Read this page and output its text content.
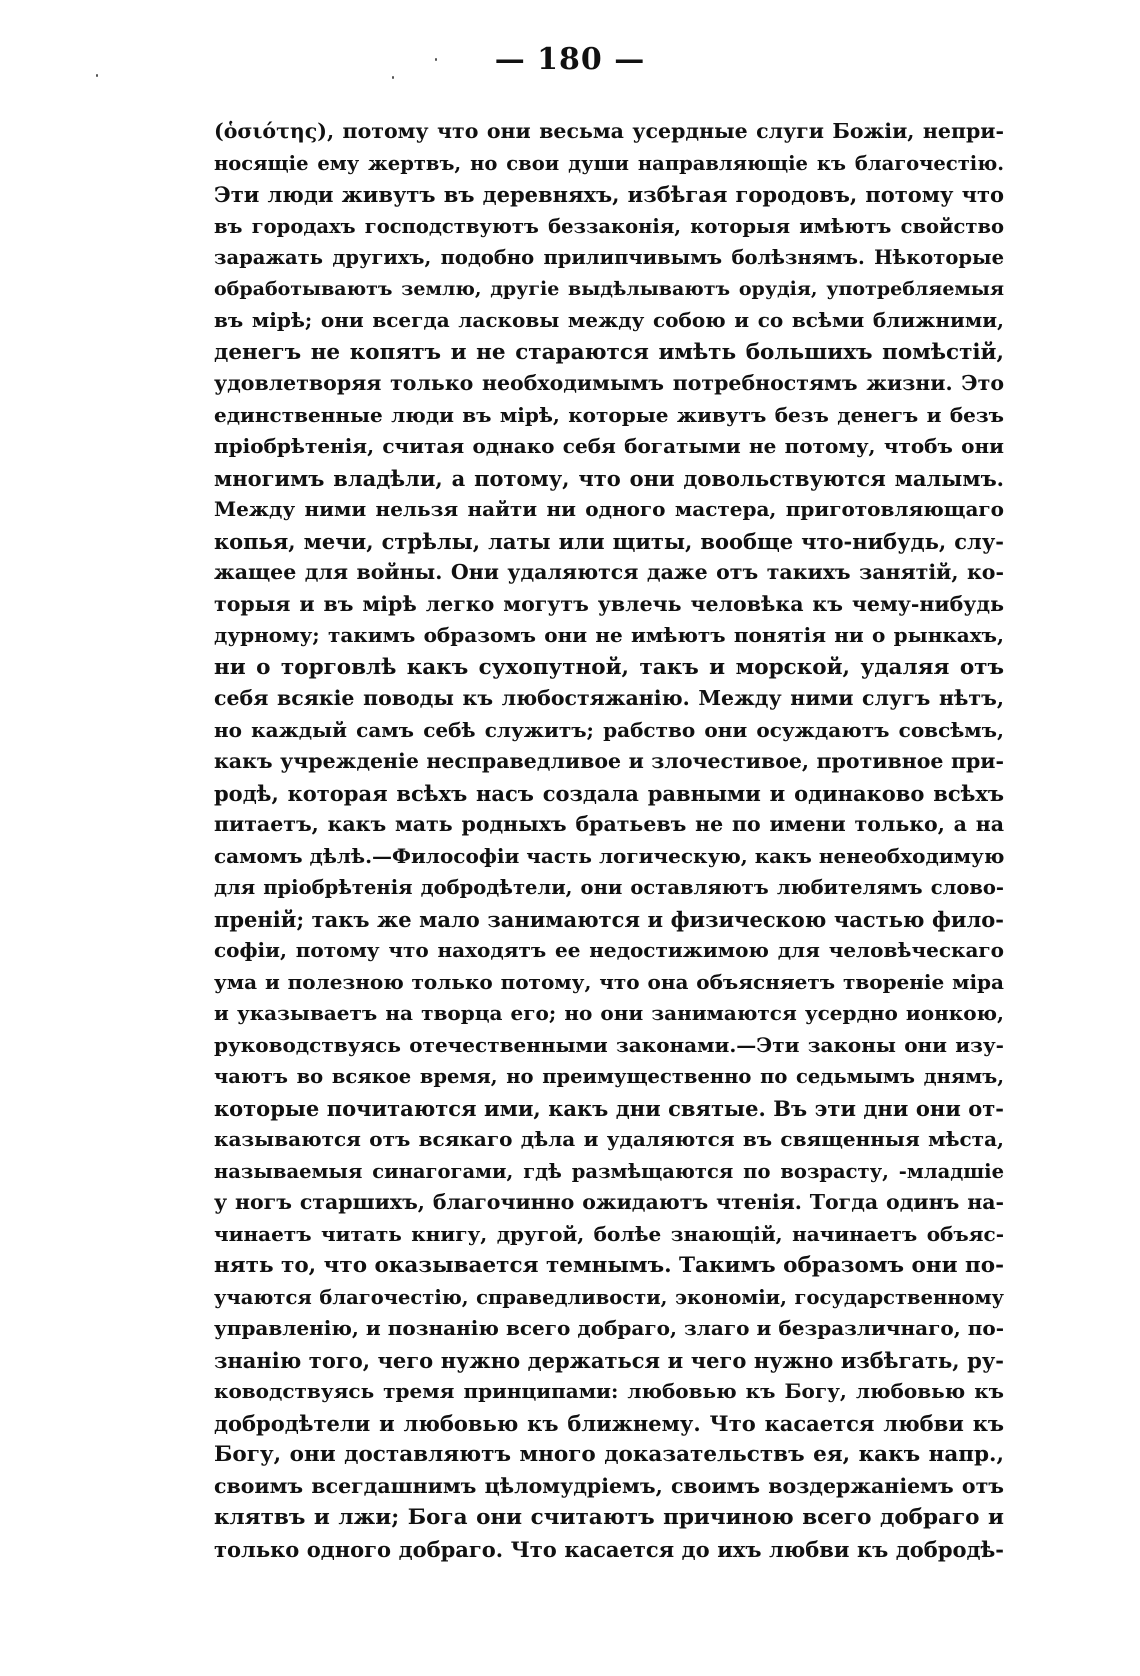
— 180 —
(ὁσιότης), потому что они весьма усердные слуги Божіи, непри-
носящіе ему жертвъ, но свои души направляющіе къ благочестію.
Эти люди живутъ въ деревняхъ, избѣгая городовъ, потому что
въ городахъ господствуютъ беззаконія, которыя имѣютъ свойство
заражать другихъ, подобно прилипчивымъ болѣзнямъ. Нѣкоторые
обработываютъ землю, другіе выдѣлываютъ орудія, употребляемыя
въ мірѣ; они всегда ласковы между собою и со всѣми ближними,
денегъ не копятъ и не стараются имѣть большихъ помѣстій,
удовлетворяя только необходимымъ потребностямъ жизни. Это
единственные люди въ мірѣ, которые живутъ безъ денегъ и безъ
пріобрѣтенія, считая однако себя богатыми не потому, чтобъ они
многимъ владѣли, а потому, что они довольствуются малымъ.
Между ними нельзя найти ни одного мастера, приготовляющаго
копья, мечи, стрѣлы, латы или щиты, вообще что-нибудь, слу-
жащее для войны. Они удаляются даже отъ такихъ занятій, ко-
торыя и въ мірѣ легко могутъ увлечь человѣка къ чему-нибудь
дурному; такимъ образомъ они не имѣютъ понятія ни о рынкахъ,
ни о торговлѣ какъ сухопутной, такъ и морской, удаляя отъ
себя всякіе поводы къ любостяжанію. Между ними слугъ нѣтъ,
но каждый самъ себѣ служитъ; рабство они осуждаютъ совсѣмъ,
какъ учрежденіе несправедливое и злочестивое, противное при-
родѣ, которая всѣхъ насъ создала равными и одинаково всѣхъ
питаетъ, какъ мать родныхъ братьевъ не по имени только, а на
самомъ дѣлѣ.—Философіи часть логическую, какъ ненеобходимую
для пріобрѣтенія добродѣтели, они оставляютъ любителямъ слово-
преній; такъ же мало занимаются и физическою частью фило-
софіи, потому что находятъ ее недостижимою для человѣческаго
ума и полезною только потому, что она объясняетъ твореніе міра
и указываетъ на творца его; но они занимаются усердно ионкою,
руководствуясь отечественными законами.—Эти законы они изу-
чаютъ во всякое время, но преимущественно по седьмымъ днямъ,
которые почитаются ими, какъ дни святые. Въ эти дни они от-
казываются отъ всякаго дѣла и удаляются въ священныя мѣста,
называемыя синагогами, гдѣ размѣщаются по возрасту, -младшіе
у ногъ старшихъ, благочинно ожидаютъ чтенія. Тогда одинъ на-
чинаетъ читать книгу, другой, болѣе знающій, начинаетъ объяс-
нять то, что оказывается темнымъ. Такимъ образомъ они по-
учаются благочестію, справедливости, экономіи, государственному
управленію, и познанію всего добраго, злаго и безразличнаго, по-
знанію того, чего нужно держаться и чего нужно избѣгать, ру-
ководствуясь тремя принципами: любовью къ Богу, любовью къ
добродѣтели и любовью къ ближнему. Что касается любви къ
Богу, они доставляютъ много доказательствъ ея, какъ напр.,
своимъ всегдашнимъ цѣломудріемъ, своимъ воздержаніемъ отъ
клятвъ и лжи; Бога они считаютъ причиною всего добраго и
только одного добраго. Что касается до ихъ любви къ добродѣ-
